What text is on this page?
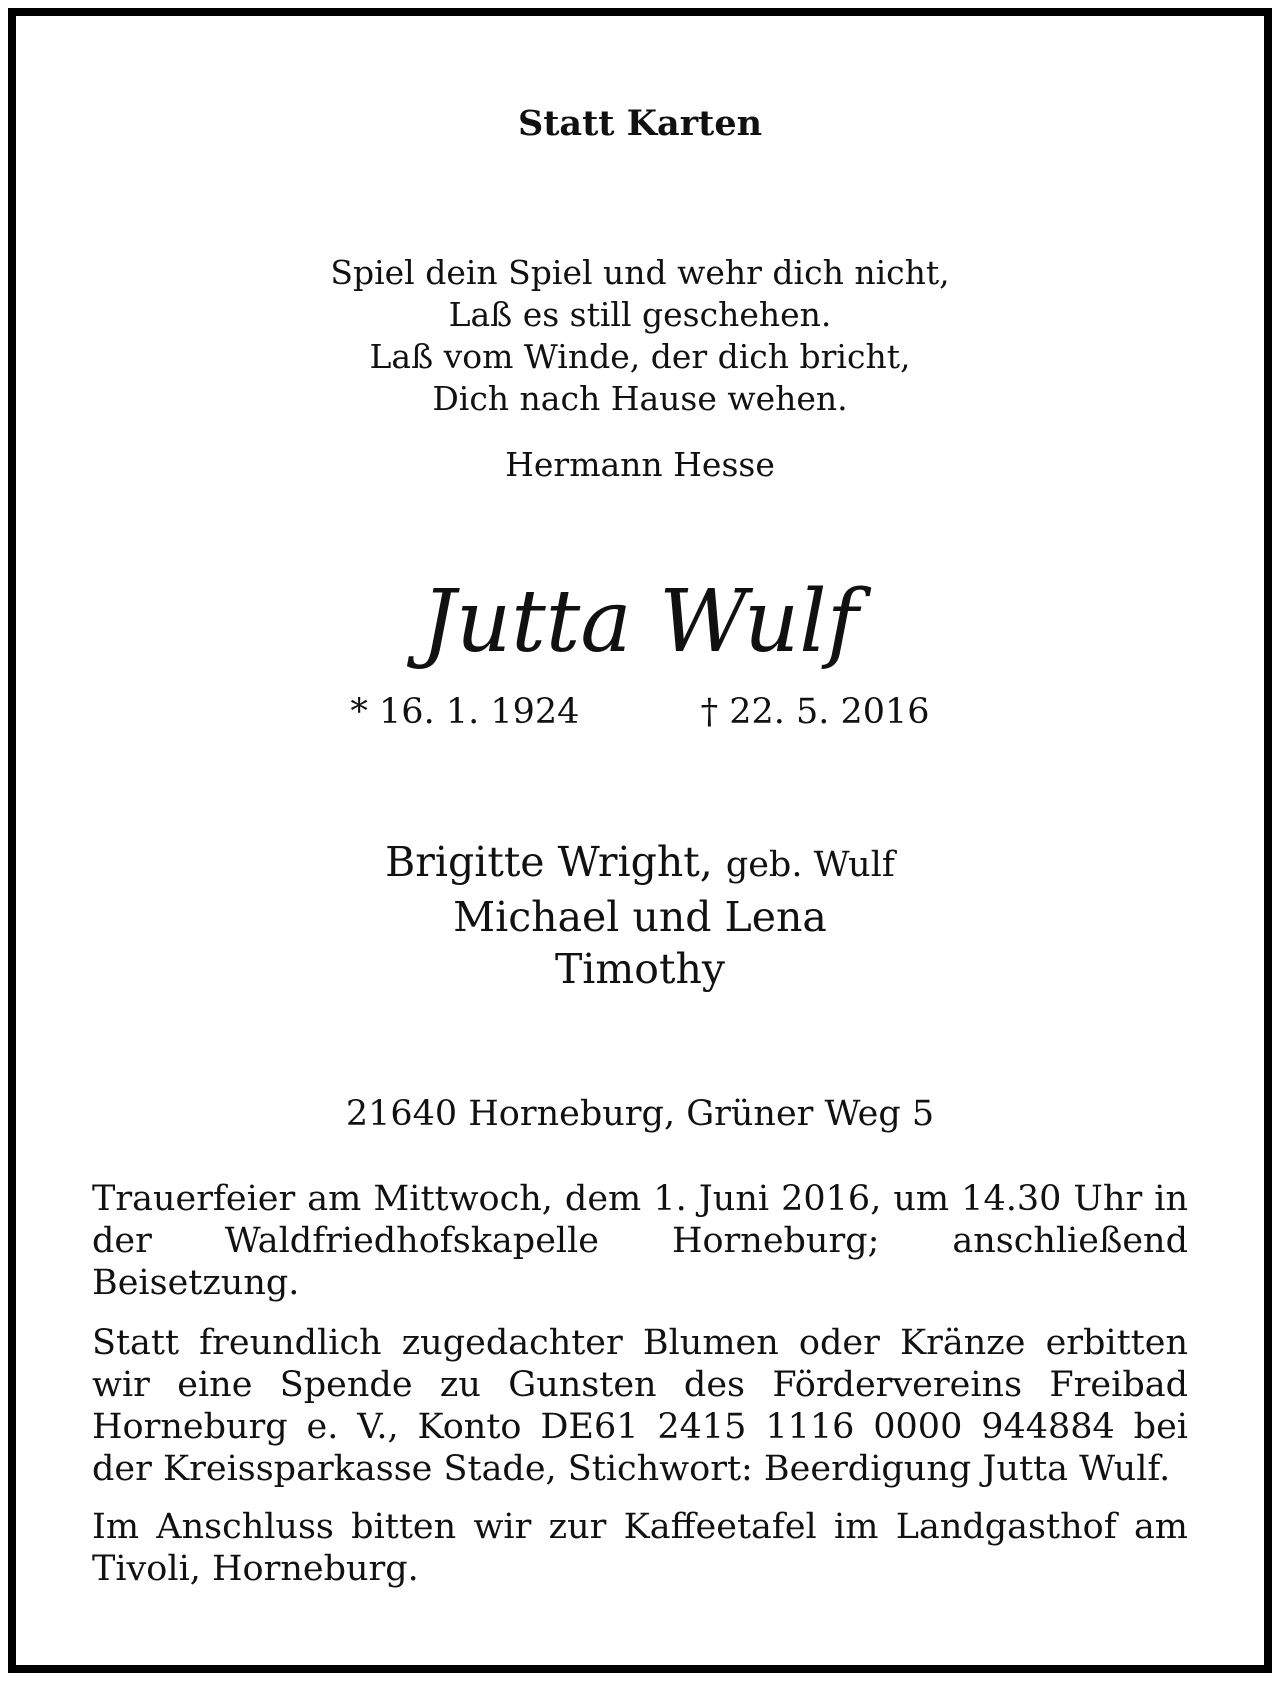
Statt Karten
Spiel dein Spiel und wehr dich nicht,
Laß es still geschehen.
Laß vom Winde, der dich bricht,
Dich nach Hause wehen.
Hermann Hesse
Jutta Wulf
* 16. 1. 1924	† 22. 5. 2016
Brigitte Wright, geb. Wulf
Michael und Lena
Timothy
21640 Horneburg, Grüner Weg 5

Trauerfeier am Mittwoch, dem 1. Juni 2016, um 14.30 Uhr in der Waldfriedhofskapelle Horneburg; anschließend Beisetzung.

Statt freundlich zugedachter Blumen oder Kränze erbitten wir eine Spende zu Gunsten des Fördervereins Freibad Horneburg e. V., Konto DE61 2415 1116 0000 944884 bei der Kreissparkasse Stade, Stichwort: Beerdigung Jutta Wulf.

Im Anschluss bitten wir zur Kaffeetafel im Landgasthof am Tivoli, Horneburg.
